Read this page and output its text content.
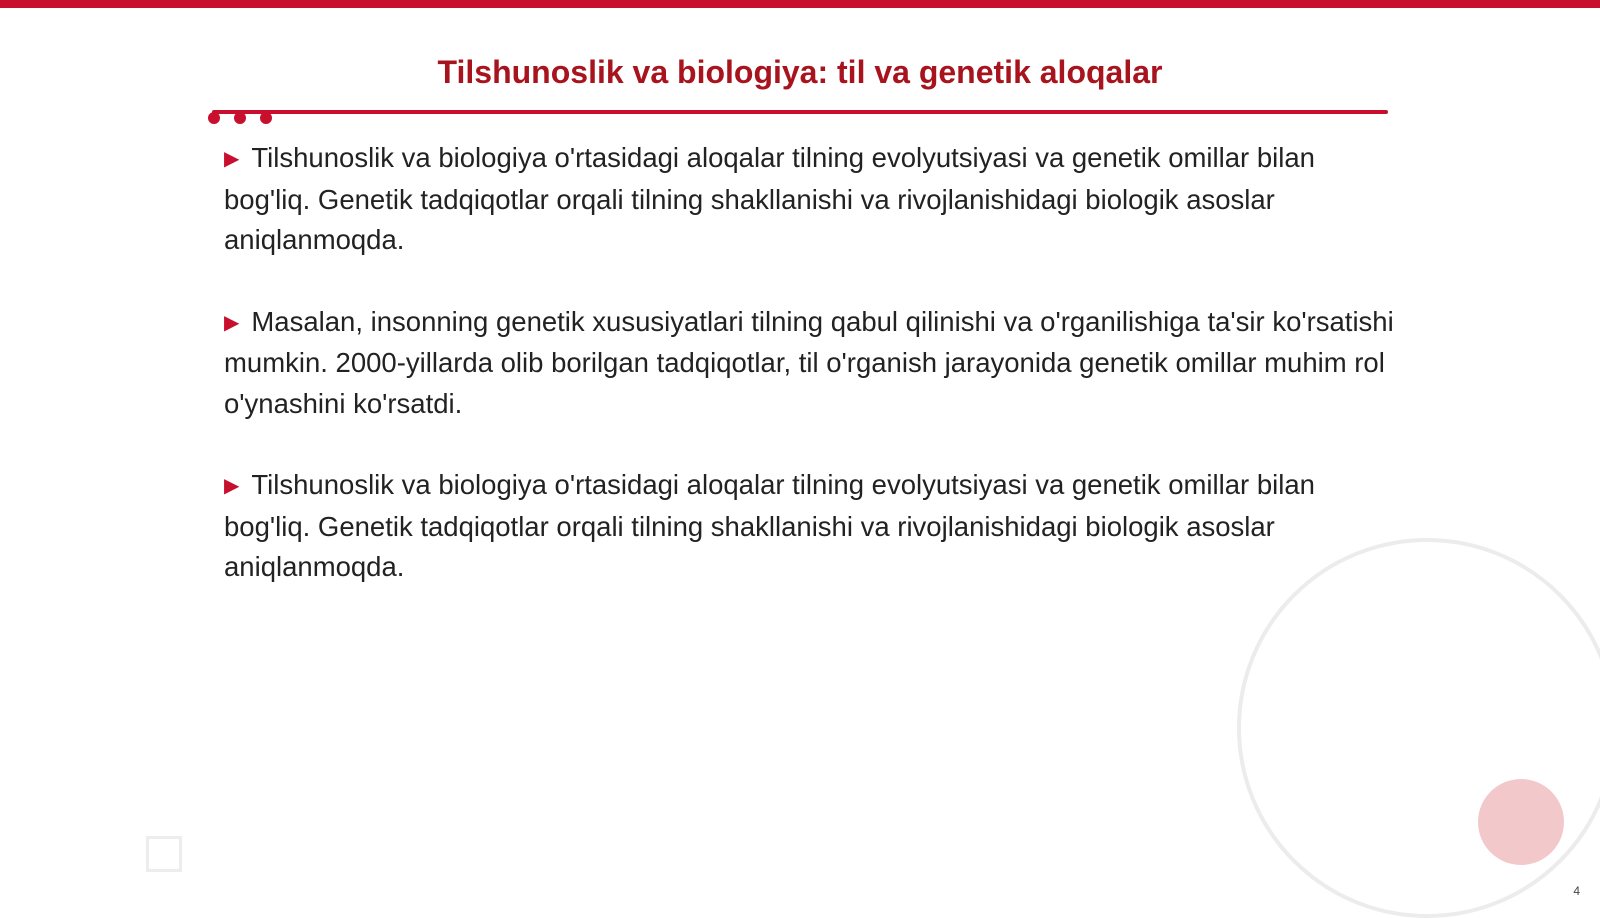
Tilshunoslik va biologiya: til va genetik aloqalar

▶ Tilshunoslik va biologiya o'rtasidagi aloqalar tilning evolyutsiyasi va genetik omillar bilan bog'liq. Genetik tadqiqotlar orqali tilning shakllanishi va rivojlanishidagi biologik asoslar aniqlanmoqda.

▶ Masalan, insonning genetik xususiyatlari tilning qabul qilinishi va o'rganilishiga ta'sir ko'rsatishi mumkin. 2000-yillarda olib borilgan tadqiqotlar, til o'rganish jarayonida genetik omillar muhim rol o'ynashini ko'rsatdi.

▶ Tilshunoslik va biologiya o'rtasidagi aloqalar tilning evolyutsiyasi va genetik omillar bilan bog'liq. Genetik tadqiqotlar orqali tilning shakllanishi va rivojlanishidagi biologik asoslar aniqlanmoqda.

4
